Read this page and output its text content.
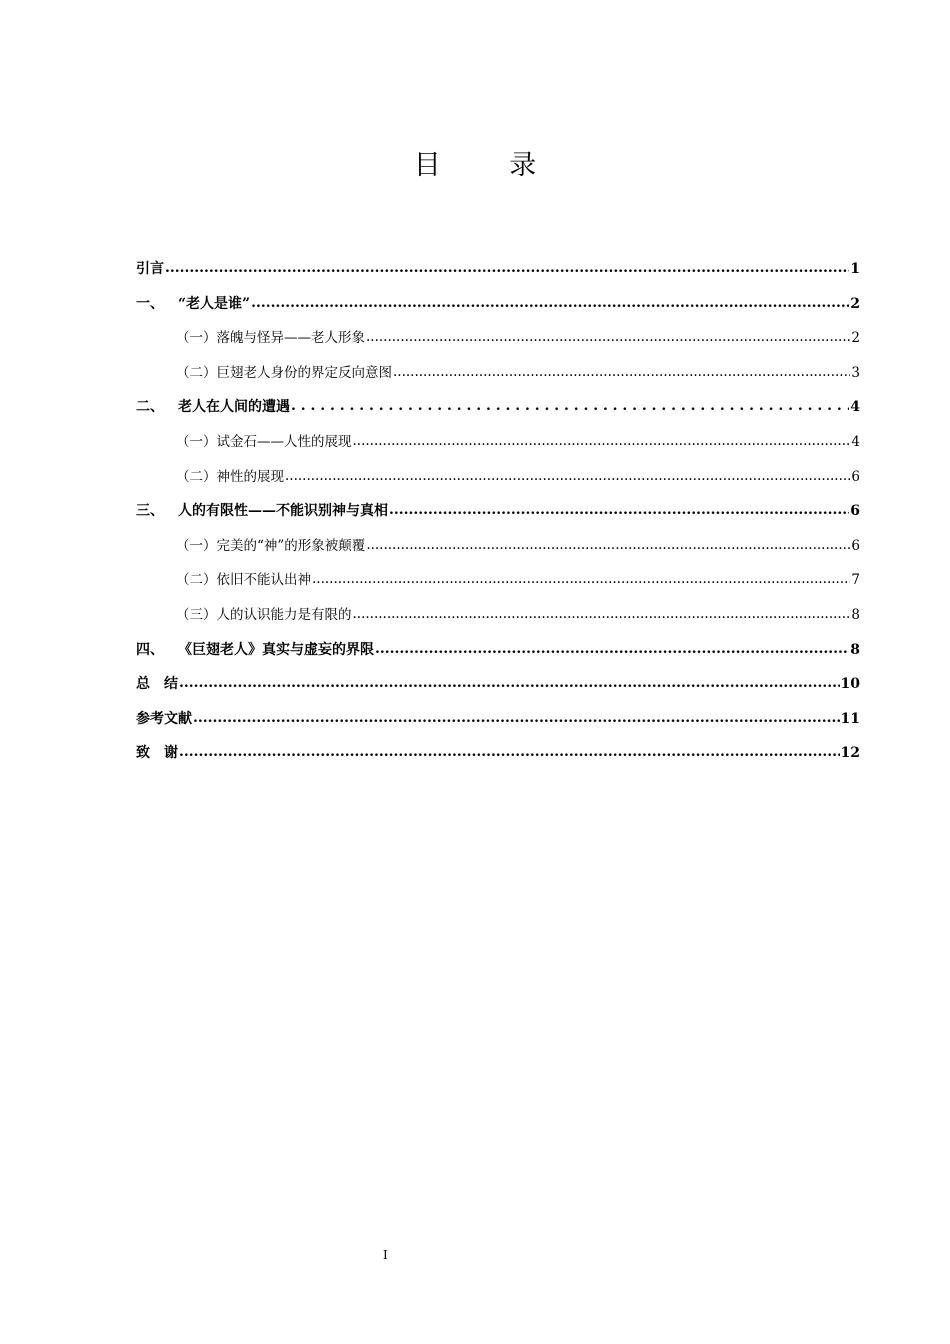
目 录
引言 .....	1
一、	“老人是谁” .....	2
（一）落魄与怪异——老人形象 .....	2
（二）巨翅老人身份的界定反向意图 .....	3
二、	老人在人间的遭遇 . . .	4
（一）试金石——人性的展现 .....	4
（二）神性的展现 .....	6
三、	人的有限性——不能识别神与真相 .....	6
（一）完美的“神”的形象被颠覆 .....	6
（二）依旧不能认出神 .....	7
（三）人的认识能力是有限的 .....	8
四、	《巨翅老人》真实与虚妄的界限 .....	8
总　结 .....	10
参考文献 .....	11
致　谢 .....	12
I
